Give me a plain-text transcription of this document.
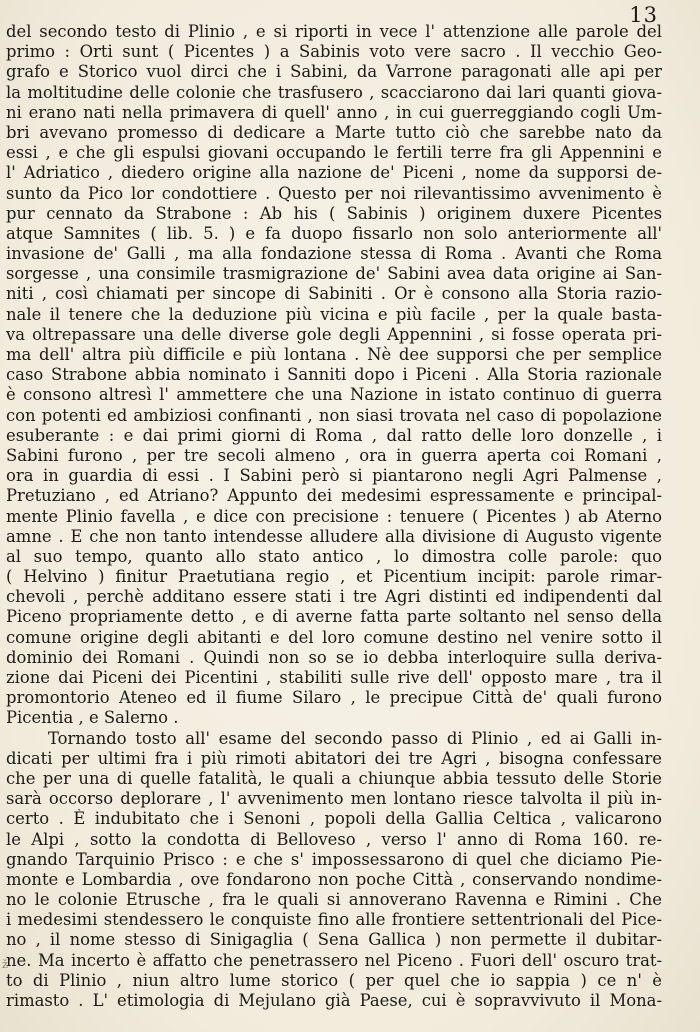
13
del secondo testo di Plinio , e si riporti in vece l' attenzione alle parole del
primo : Orti sunt ( Picentes ) a Sabinis voto vere sacro . Il vecchio Geo-
grafo e Storico vuol dirci che i Sabini, da Varrone paragonati alle api per
la moltitudine delle colonie che trasfusero , scacciarono dai lari quanti giova-
ni erano nati nella primavera di quell' anno , in cui guerreggiando cogli Um-
bri avevano promesso di dedicare a Marte tutto ciò che sarebbe nato da
essi , e che gli espulsi giovani occupando le fertili terre fra gli Appennini e
l' Adriatico , diedero origine alla nazione de' Piceni , nome da supporsi de-
sunto da Pico lor condottiere . Questo per noi rilevantissimo avvenimento è
pur cennato da Strabone : Ab his ( Sabinis ) originem duxere Picentes
atque Samnites ( lib. 5. ) e fa duopo fissarlo non solo anteriormente all'
invasione de' Galli , ma alla fondazione stessa di Roma . Avanti che Roma
sorgesse , una consimile trasmigrazione de' Sabini avea data origine ai San-
niti , così chiamati per sincope di Sabiniti . Or è consono alla Storia razio-
nale il tenere che la deduzione più vicina e più facile , per la quale basta-
va oltrepassare una delle diverse gole degli Appennini , si fosse operata pri-
ma dell' altra più difficile e più lontana . Nè dee supporsi che per semplice
caso Strabone abbia nominato i Sanniti dopo i Piceni . Alla Storia razionale
è consono altresì l' ammettere che una Nazione in istato continuo di guerra
con potenti ed ambiziosi confinanti , non siasi trovata nel caso di popolazione
esuberante : e dai primi giorni di Roma , dal ratto delle loro donzelle , i
Sabini furono , per tre secoli almeno , ora in guerra aperta coi Romani ,
ora in guardia di essi . I Sabini però si piantarono negli Agri Palmense ,
Pretuziano , ed Atriano? Appunto dei medesimi espressamente e principal-
mente Plinio favella , e dice con precisione : tenuere ( Picentes ) ab Aterno
amne . E che non tanto intendesse alludere alla divisione di Augusto vigente
al suo tempo, quanto allo stato antico , lo dimostra colle parole: quo
( Helvino ) finitur Praetutiana regio , et Picentium incipit: parole rimar-
chevoli , perchè additano essere stati i tre Agri distinti ed indipendenti dal
Piceno propriamente detto , e di averne fatta parte soltanto nel senso della
comune origine degli abitanti e del loro comune destino nel venire sotto il
dominio dei Romani . Quindi non so se io debba interloquire sulla deriva-
zione dai Piceni dei Picentini , stabiliti sulle rive dell' opposto mare , tra il
promontorio Ateneo ed il fiume Silaro , le precipue Città de' quali furono
Picentia , e Salerno .
Tornando tosto all' esame del secondo passo di Plinio , ed ai Galli in-
dicati per ultimi fra i più rimoti abitatori dei tre Agri , bisogna confessare
che per una di quelle fatalità, le quali a chiunque abbia tessuto delle Storie
sarà occorso deplorare , l' avvenimento men lontano riesce talvolta il più in-
certo . È indubitato che i Senoni , popoli della Gallia Celtica , valicarono
le Alpi , sotto la condotta di Belloveso , verso l' anno di Roma 160. re-
gnando Tarquinio Prisco : e che s' impossessarono di quel che diciamo Pie-
monte e Lombardia , ove fondarono non poche Città , conservando nondime-
no le colonie Etrusche , fra le quali si annoverano Ravenna e Rimini . Che
i medesimi stendessero le conquiste fino alle frontiere settentrionali del Pice-
no , il nome stesso di Sinigaglia ( Sena Gallica ) non permette il dubitar-
ne. Ma incerto è affatto che penetrassero nel Piceno . Fuori dell' oscuro trat-
to di Plinio , niun altro lume storico ( per quel che io sappia ) ce n' è
rimasto . L' etimologia di Mejulano già Paese, cui è sopravvivuto il Mona-
ž
